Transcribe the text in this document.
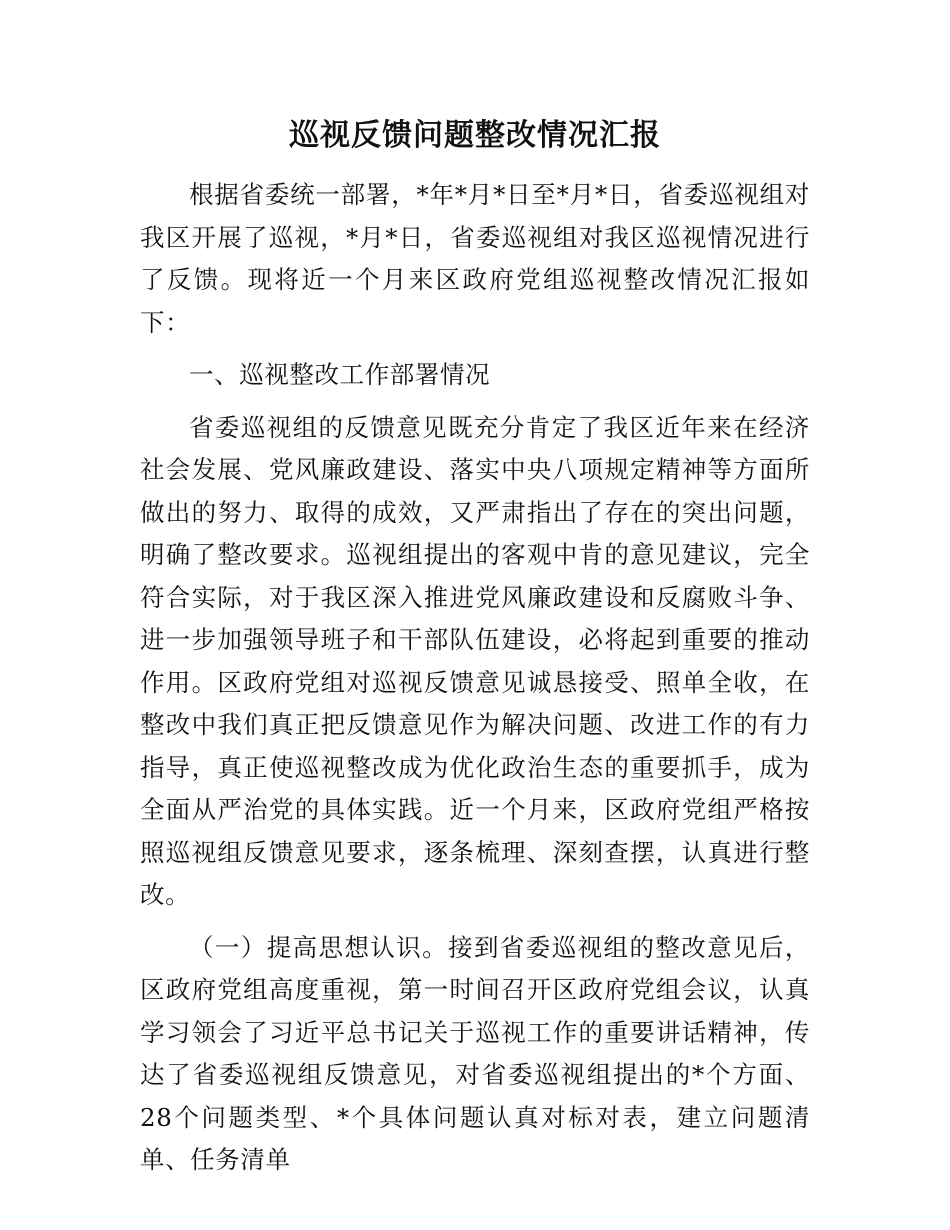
巡视反馈问题整改情况汇报

根据省委统一部署，*年*月*日至*月*日，省委巡视组对我区开展了巡视，*月*日，省委巡视组对我区巡视情况进行了反馈。现将近一个月来区政府党组巡视整改情况汇报如下：

一、巡视整改工作部署情况

省委巡视组的反馈意见既充分肯定了我区近年来在经济社会发展、党风廉政建设、落实中央八项规定精神等方面所做出的努力、取得的成效，又严肃指出了存在的突出问题，明确了整改要求。巡视组提出的客观中肯的意见建议，完全符合实际，对于我区深入推进党风廉政建设和反腐败斗争、进一步加强领导班子和干部队伍建设，必将起到重要的推动作用。区政府党组对巡视反馈意见诚恳接受、照单全收，在整改中我们真正把反馈意见作为解决问题、改进工作的有力指导，真正使巡视整改成为优化政治生态的重要抓手，成为全面从严治党的具体实践。近一个月来，区政府党组严格按照巡视组反馈意见要求，逐条梳理、深刻查摆，认真进行整改。

（一）提高思想认识。接到省委巡视组的整改意见后，区政府党组高度重视，第一时间召开区政府党组会议，认真学习领会了习近平总书记关于巡视工作的重要讲话精神，传达了省委巡视组反馈意见，对省委巡视组提出的*个方面、28个问题类型、*个具体问题认真对标对表，建立问题清单、任务清单
